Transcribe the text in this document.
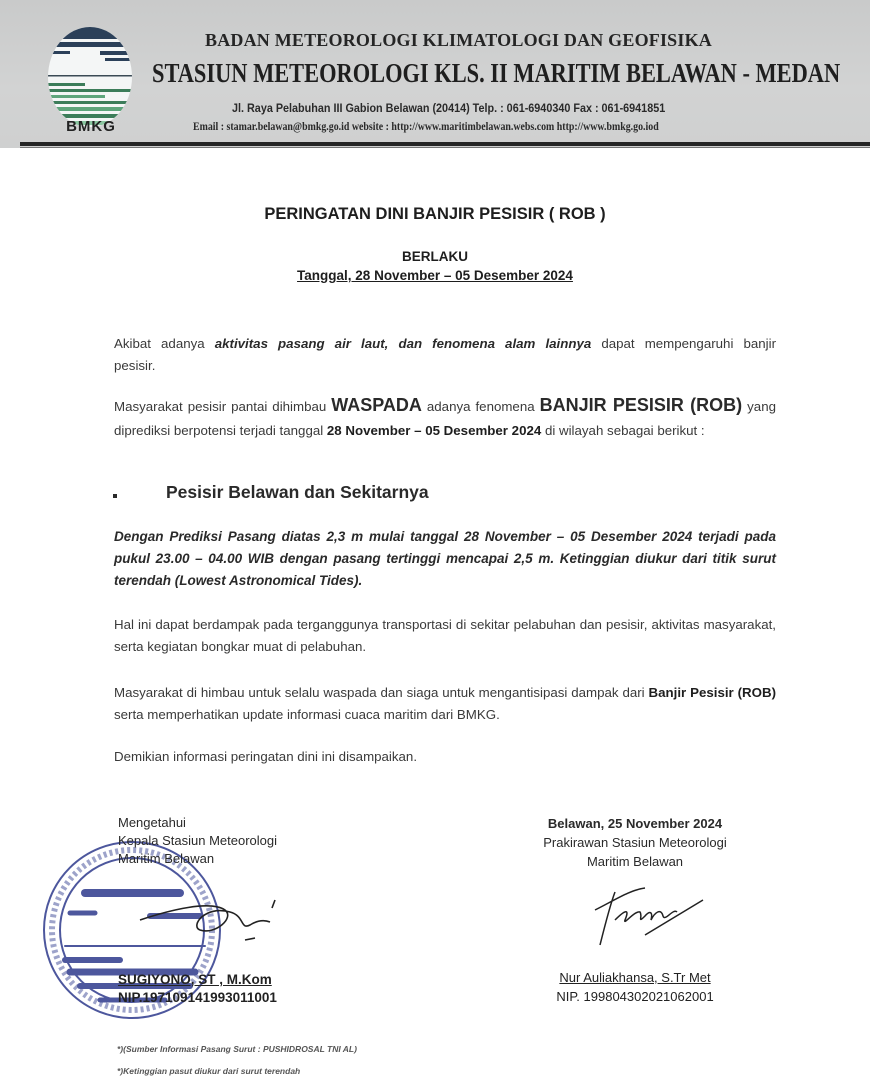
BMKG
BADAN METEOROLOGI KLIMATOLOGI DAN GEOFISIKA
STASIUN METEOROLOGI KLS. II MARITIM BELAWAN - MEDAN
Jl. Raya Pelabuhan III Gabion Belawan (20414) Telp. : 061-6940340 Fax : 061-6941851
Email : stamar.belawan@bmkg.go.id website : http://www.maritimbelawan.webs.com http://www.bmkg.go.iod
PERINGATAN DINI BANJIR PESISIR ( ROB )
BERLAKU
Tanggal, 28 November – 05 Desember 2024
Akibat adanya aktivitas pasang air laut, dan fenomena alam lainnya dapat mempengaruhi banjir pesisir.
Masyarakat pesisir pantai dihimbau WASPADA adanya fenomena BANJIR PESISIR (ROB) yang diprediksi berpotensi terjadi tanggal 28 November – 05 Desember 2024 di wilayah sebagai berikut :
Pesisir Belawan dan Sekitarnya
Dengan Prediksi Pasang diatas 2,3 m mulai tanggal 28 November – 05 Desember 2024 terjadi pada pukul 23.00 – 04.00 WIB dengan pasang tertinggi mencapai 2,5 m. Ketinggian diukur dari titik surut terendah (Lowest Astronomical Tides).
Hal ini dapat berdampak pada terganggunya transportasi di sekitar pelabuhan dan pesisir, aktivitas masyarakat, serta kegiatan bongkar muat di pelabuhan.
Masyarakat di himbau untuk selalu waspada dan siaga untuk mengantisipasi dampak dari Banjir Pesisir (ROB) serta memperhatikan update informasi cuaca maritim dari BMKG.
Demikian informasi peringatan dini ini disampaikan.
Mengetahui
Kepala Stasiun Meteorologi
Maritim Belawan
SUGIYONO, ST , M.Kom
NIP.197109141993011001
Belawan, 25 November 2024
Prakirawan Stasiun Meteorologi
Maritim Belawan
Nur Auliakhansa, S.Tr Met
NIP. 199804302021062001
*)(Sumber Informasi Pasang Surut : PUSHIDROSAL TNI AL)
*)Ketinggian pasut diukur dari surut terendah
